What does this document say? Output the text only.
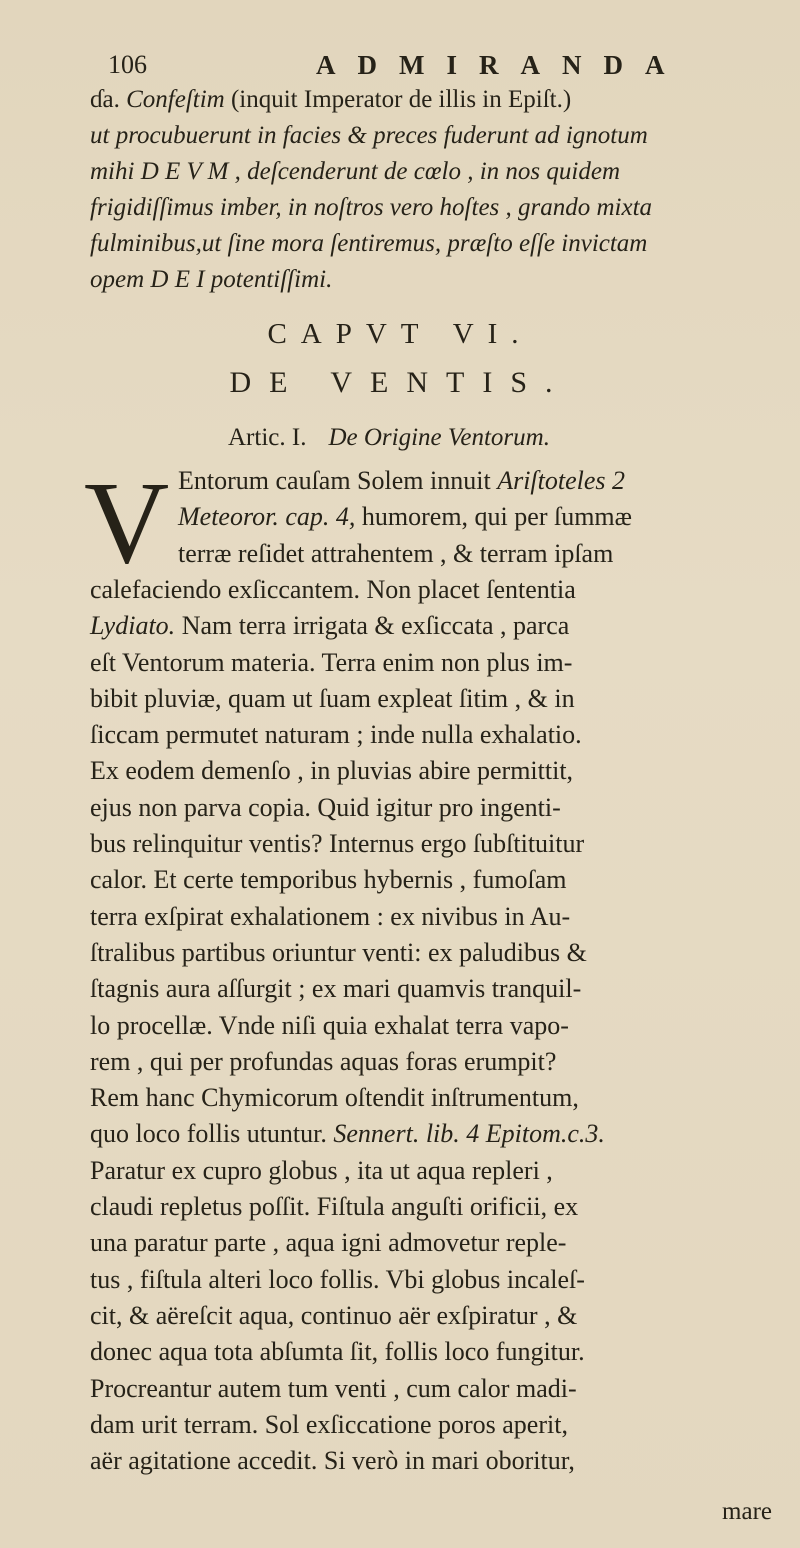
106	ADMIRANDA
ɗa. Confeſtim (inquit Imperator de illis in Epiſt.)
ut procubuerunt in facies & preces fuderunt ad ignotum
mihi D E V M , deſcenderunt de cœlo , in nos quidem
frigidiſſimus imber, in noſtros vero hoſtes , grando mixta
fulminibus,ut ſine mora ſentiremus, præſto eſſe invictam
opem D E I potentiſſimi.
CAPVT VI.
DE VENTIS.
Artic. I. De Origine Ventorum.
V Entorum cauſam Solem innuit Ariſtoteles 2
Meteoror. cap. 4, humorem, qui per ſummæ
terræ reſidet attrahentem , & terram ipſam
calefaciendo exſiccantem. Non placet ſententia
Lydiato. Nam terra irrigata & exſiccata , parca
eſt Ventorum materia. Terra enim non plus im-
bibit pluviæ, quam ut ſuam expleat ſitim , & in
ſiccam permutet naturam ; inde nulla exhalatio.
Ex eodem demenſo , in pluvias abire permittit,
ejus non parva copia. Quid igitur pro ingenti-
bus relinquitur ventis? Internus ergo ſubſtituitur
calor. Et certe temporibus hybernis , fumoſam
terra exſpirat exhalationem : ex nivibus in Au-
ſtralibus partibus oriuntur venti: ex paludibus &
ſtagnis aura aſſurgit ; ex mari quamvis tranquil-
lo procellæ. Vnde niſi quia exhalat terra vapo-
rem , qui per profundas aquas foras erumpit?
Rem hanc Chymicorum oſtendit inſtrumentum,
quo loco follis utuntur. Sennert. lib. 4 Epitom.c.3.
Paratur ex cupro globus , ita ut aqua repleri ,
claudi repletus poſſit. Fiſtula anguſti orificii, ex
una paratur parte , aqua igni admovetur reple-
tus , fiſtula alteri loco follis. Vbi globus incaleſ-
cit, & aëreſcit aqua, continuo aër exſpiratur , &
donec aqua tota abſumta ſit, follis loco fungitur.
Procreantur autem tum venti , cum calor madi-
dam urit terram. Sol exſiccatione poros aperit,
aër agitatione accedit. Si verò in mari oboritur,
mare
